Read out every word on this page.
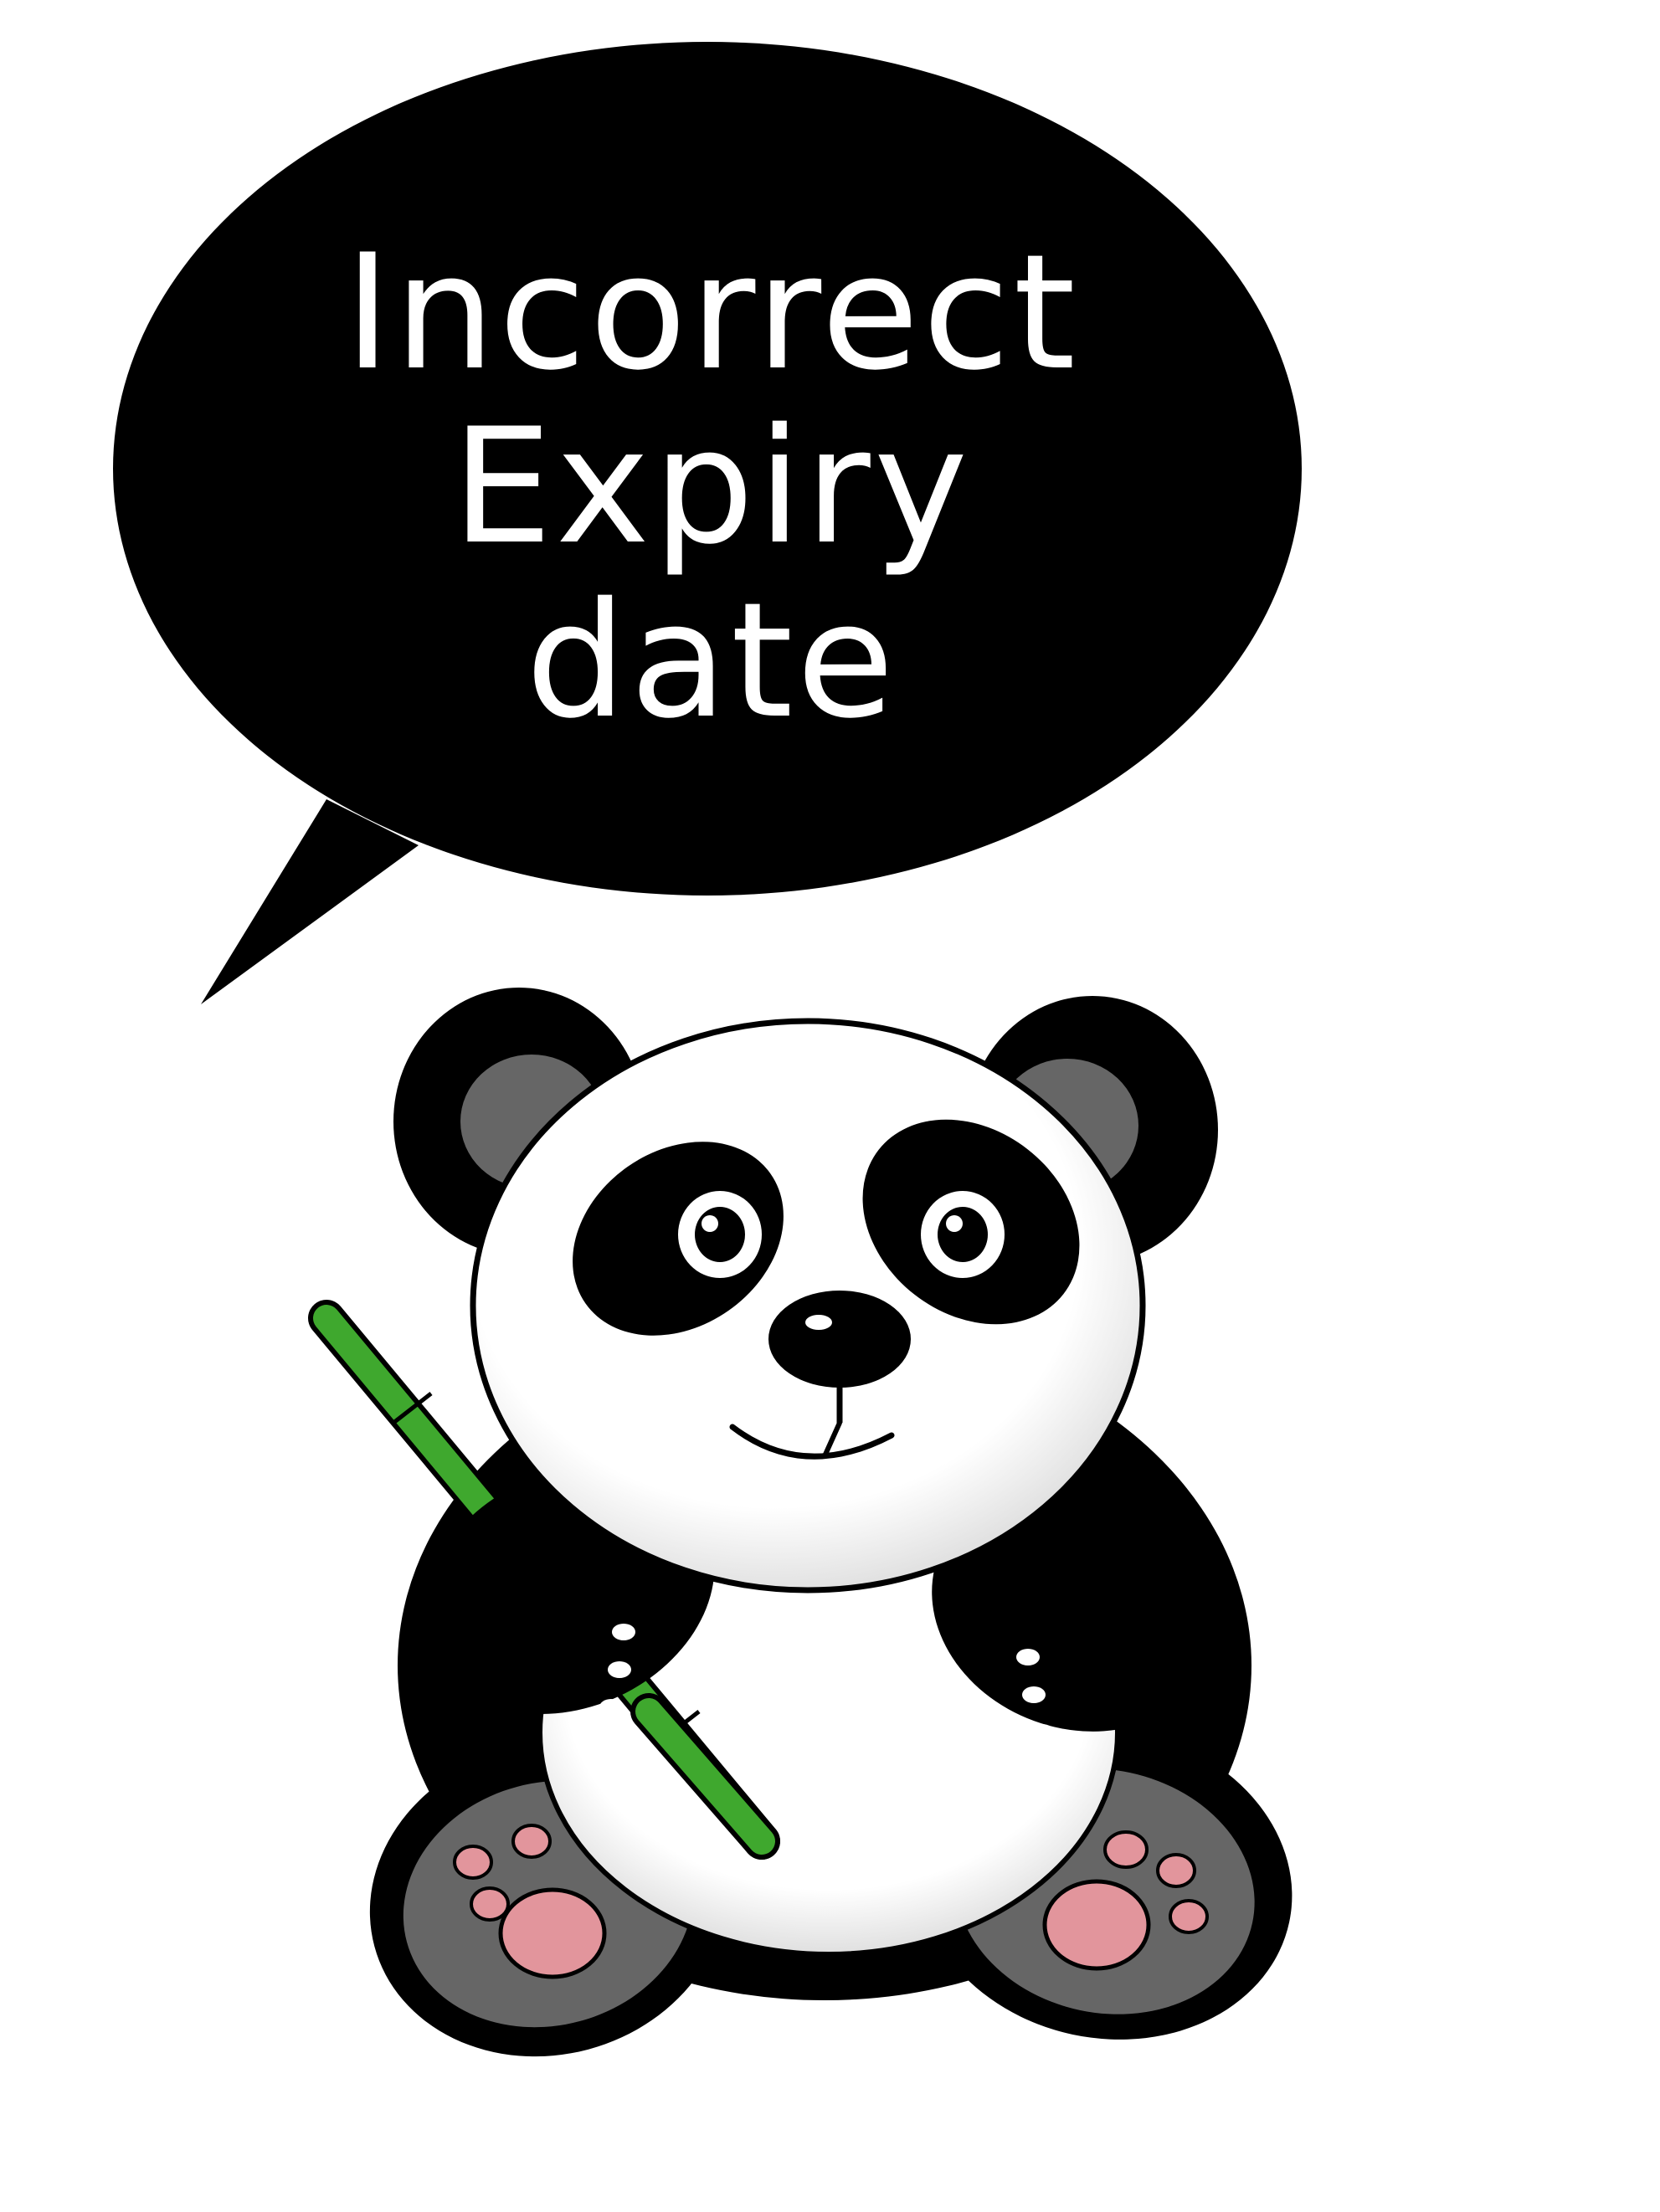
Incorrect
Expiry
date
